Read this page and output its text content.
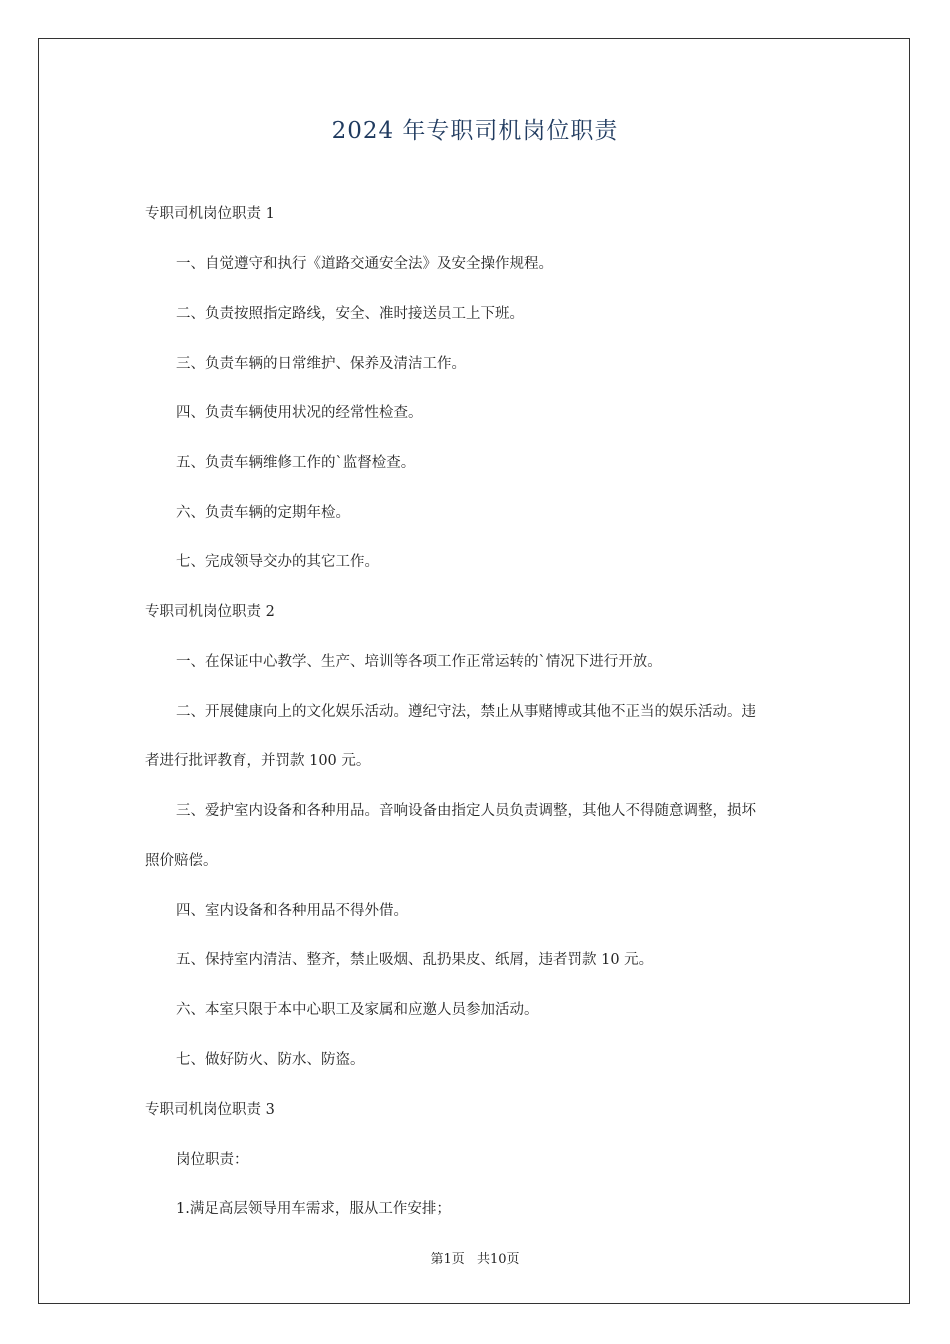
2024 年专职司机岗位职责
专职司机岗位职责 1
一、自觉遵守和执行《道路交通安全法》及安全操作规程。
二、负责按照指定路线，安全、准时接送员工上下班。
三、负责车辆的日常维护、保养及清洁工作。
四、负责车辆使用状况的经常性检查。
五、负责车辆维修工作的`监督检查。
六、负责车辆的定期年检。
七、完成领导交办的其它工作。
专职司机岗位职责 2
一、在保证中心教学、生产、培训等各项工作正常运转的`情况下进行开放。
二、开展健康向上的文化娱乐活动。遵纪守法，禁止从事赌博或其他不正当的娱乐活动。违
者进行批评教育，并罚款 100 元。
三、爱护室内设备和各种用品。音响设备由指定人员负责调整，其他人不得随意调整，损坏
照价赔偿。
四、室内设备和各种用品不得外借。
五、保持室内清洁、整齐，禁止吸烟、乱扔果皮、纸屑，违者罚款 10 元。
六、本室只限于本中心职工及家属和应邀人员参加活动。
七、做好防火、防水、防盗。
专职司机岗位职责 3
岗位职责：
1.满足高层领导用车需求，服从工作安排；
第1页 共10页
